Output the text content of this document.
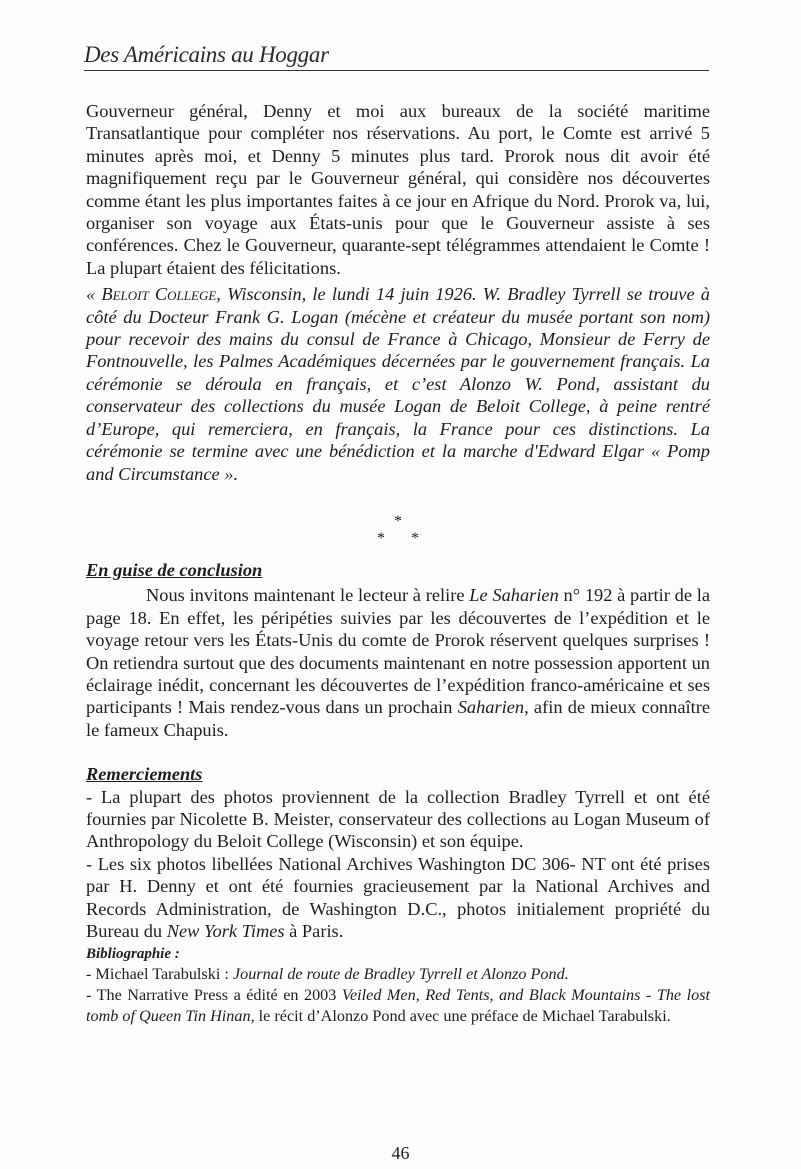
Des Américains au Hoggar

Gouverneur général, Denny et moi aux bureaux de la société maritime Transatlantique pour compléter nos réservations. Au port, le Comte est arrivé 5 minutes après moi, et Denny 5 minutes plus tard. Prorok nous dit avoir été magnifiquement reçu par le Gouverneur général, qui considère nos découvertes comme étant les plus importantes faites à ce jour en Afrique du Nord. Prorok va, lui, organiser son voyage aux États-unis pour que le Gouverneur assiste à ses conférences. Chez le Gouverneur, quarante-sept télégrammes attendaient le Comte ! La plupart étaient des félicitations.

« Beloit College, Wisconsin, le lundi 14 juin 1926. W. Bradley Tyrrell se trouve à côté du Docteur Frank G. Logan (mécène et créateur du musée portant son nom) pour recevoir des mains du consul de France à Chicago, Monsieur de Ferry de Fontnouvelle, les Palmes Académiques décernées par le gouvernement français. La cérémonie se déroula en français, et c’est Alonzo W. Pond, assistant du conservateur des collections du musée Logan de Beloit College, à peine rentré d’Europe, qui remerciera, en français, la France pour ces distinctions. La cérémonie se termine avec une bénédiction et la marche d'Edward Elgar « Pomp and Circumstance ».

*
* *

En guise de conclusion

Nous invitons maintenant le lecteur à relire Le Saharien n° 192 à partir de la page 18. En effet, les péripéties suivies par les découvertes de l’expédition et le voyage retour vers les États-Unis du comte de Prorok réservent quelques surprises ! On retiendra surtout que des documents maintenant en notre possession apportent un éclairage inédit, concernant les découvertes de l’expédition franco-américaine et ses participants ! Mais rendez-vous dans un prochain Saharien, afin de mieux connaître le fameux Chapuis.

Remerciements

- La plupart des photos proviennent de la collection Bradley Tyrrell et ont été fournies par Nicolette B. Meister, conservateur des collections au Logan Museum of Anthropology du Beloit College (Wisconsin) et son équipe.

- Les six photos libellées National Archives Washington DC 306- NT ont été prises par H. Denny et ont été fournies gracieusement par la National Archives and Records Administration, de Washington D.C., photos initialement propriété du Bureau du New York Times à Paris.

Bibliographie :

- Michael Tarabulski : Journal de route de Bradley Tyrrell et Alonzo Pond.

- The Narrative Press a édité en 2003 Veiled Men, Red Tents, and Black Mountains - The lost tomb of Queen Tin Hinan, le récit d’Alonzo Pond avec une préface de Michael Tarabulski.

46
